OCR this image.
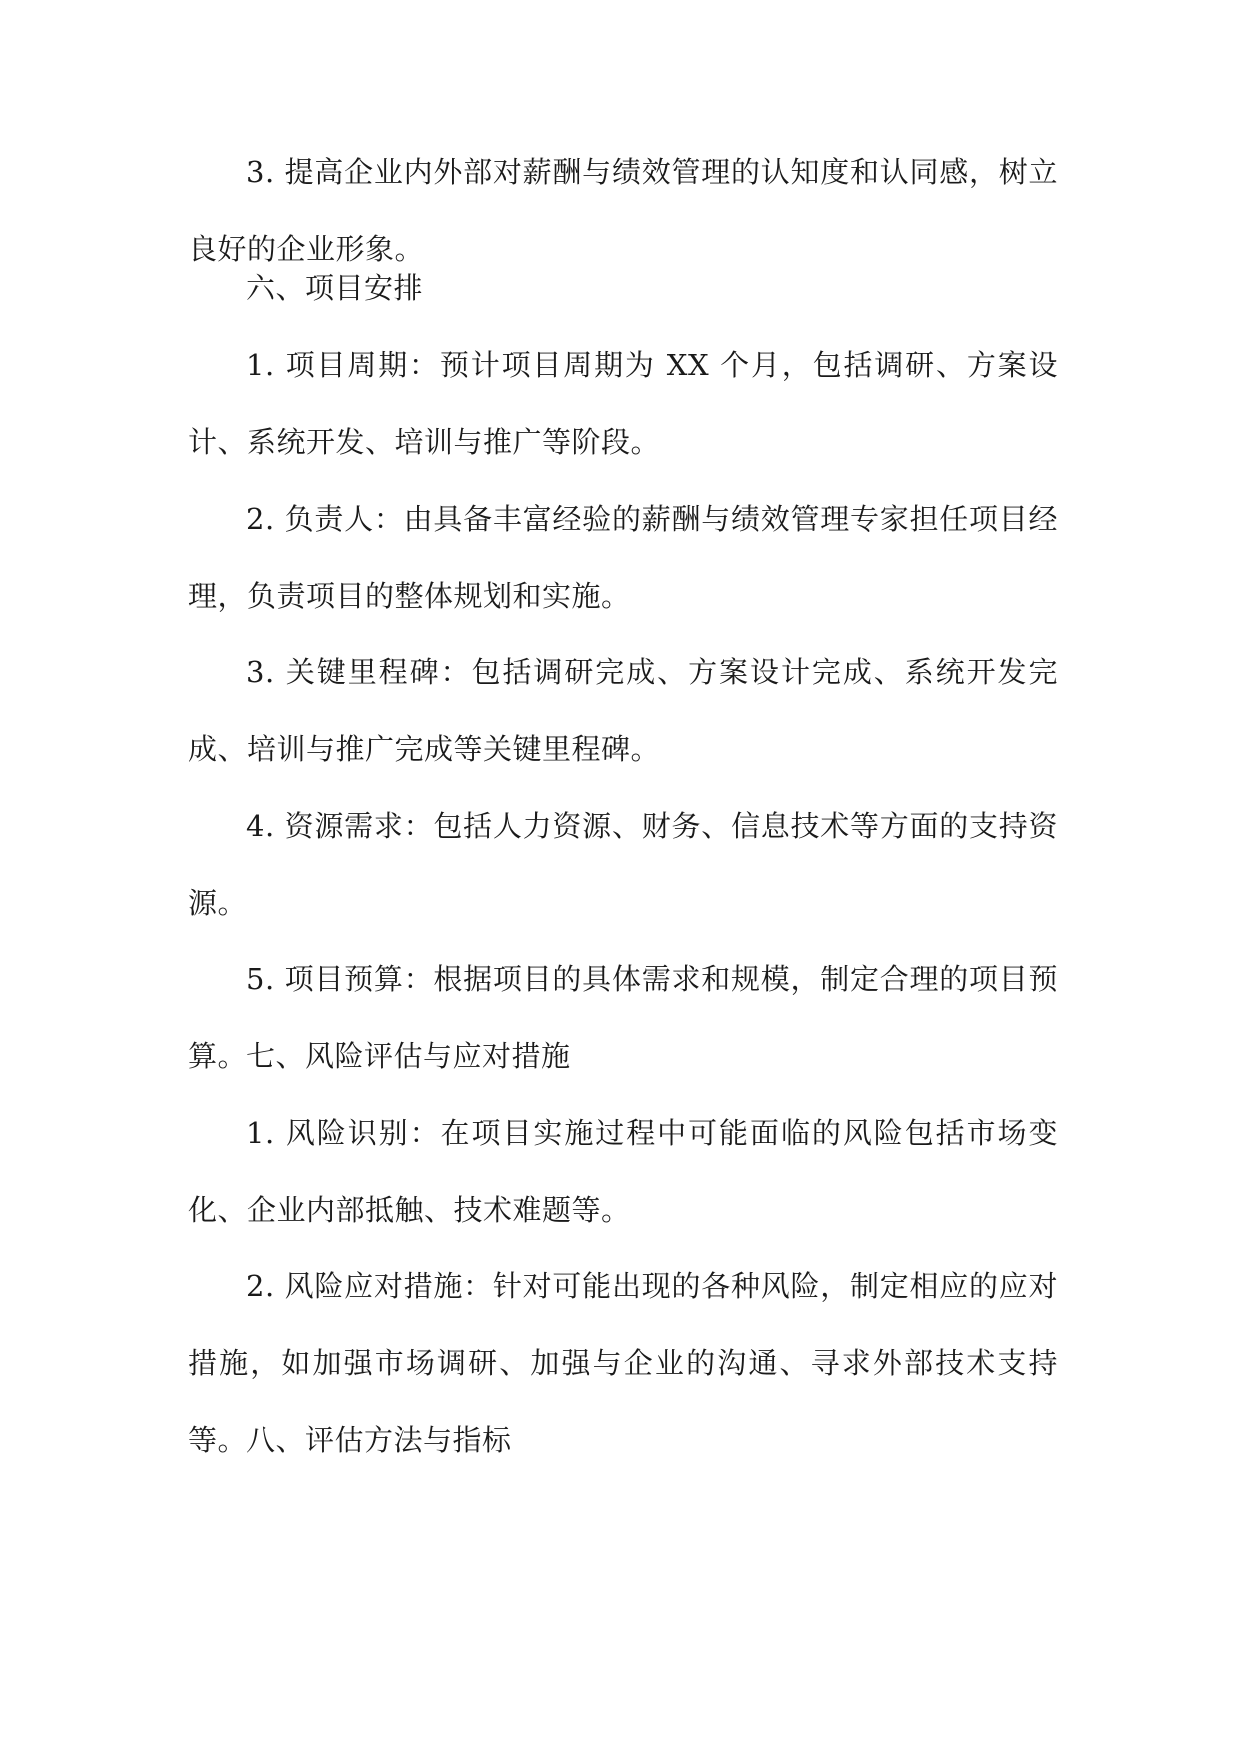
3. 提高企业内外部对薪酬与绩效管理的认知度和认同感，树立良好的企业形象。

六、项目安排

1. 项目周期：预计项目周期为 XX 个月，包括调研、方案设计、系统开发、培训与推广等阶段。

2. 负责人：由具备丰富经验的薪酬与绩效管理专家担任项目经理，负责项目的整体规划和实施。

3. 关键里程碑：包括调研完成、方案设计完成、系统开发完成、培训与推广完成等关键里程碑。

4. 资源需求：包括人力资源、财务、信息技术等方面的支持资源。

5. 项目预算：根据项目的具体需求和规模，制定合理的项目预算。

七、风险评估与应对措施

1. 风险识别：在项目实施过程中可能面临的风险包括市场变化、企业内部抵触、技术难题等。

2. 风险应对措施：针对可能出现的各种风险，制定相应的应对措施，如加强市场调研、加强与企业的沟通、寻求外部技术支持等。

八、评估方法与指标
